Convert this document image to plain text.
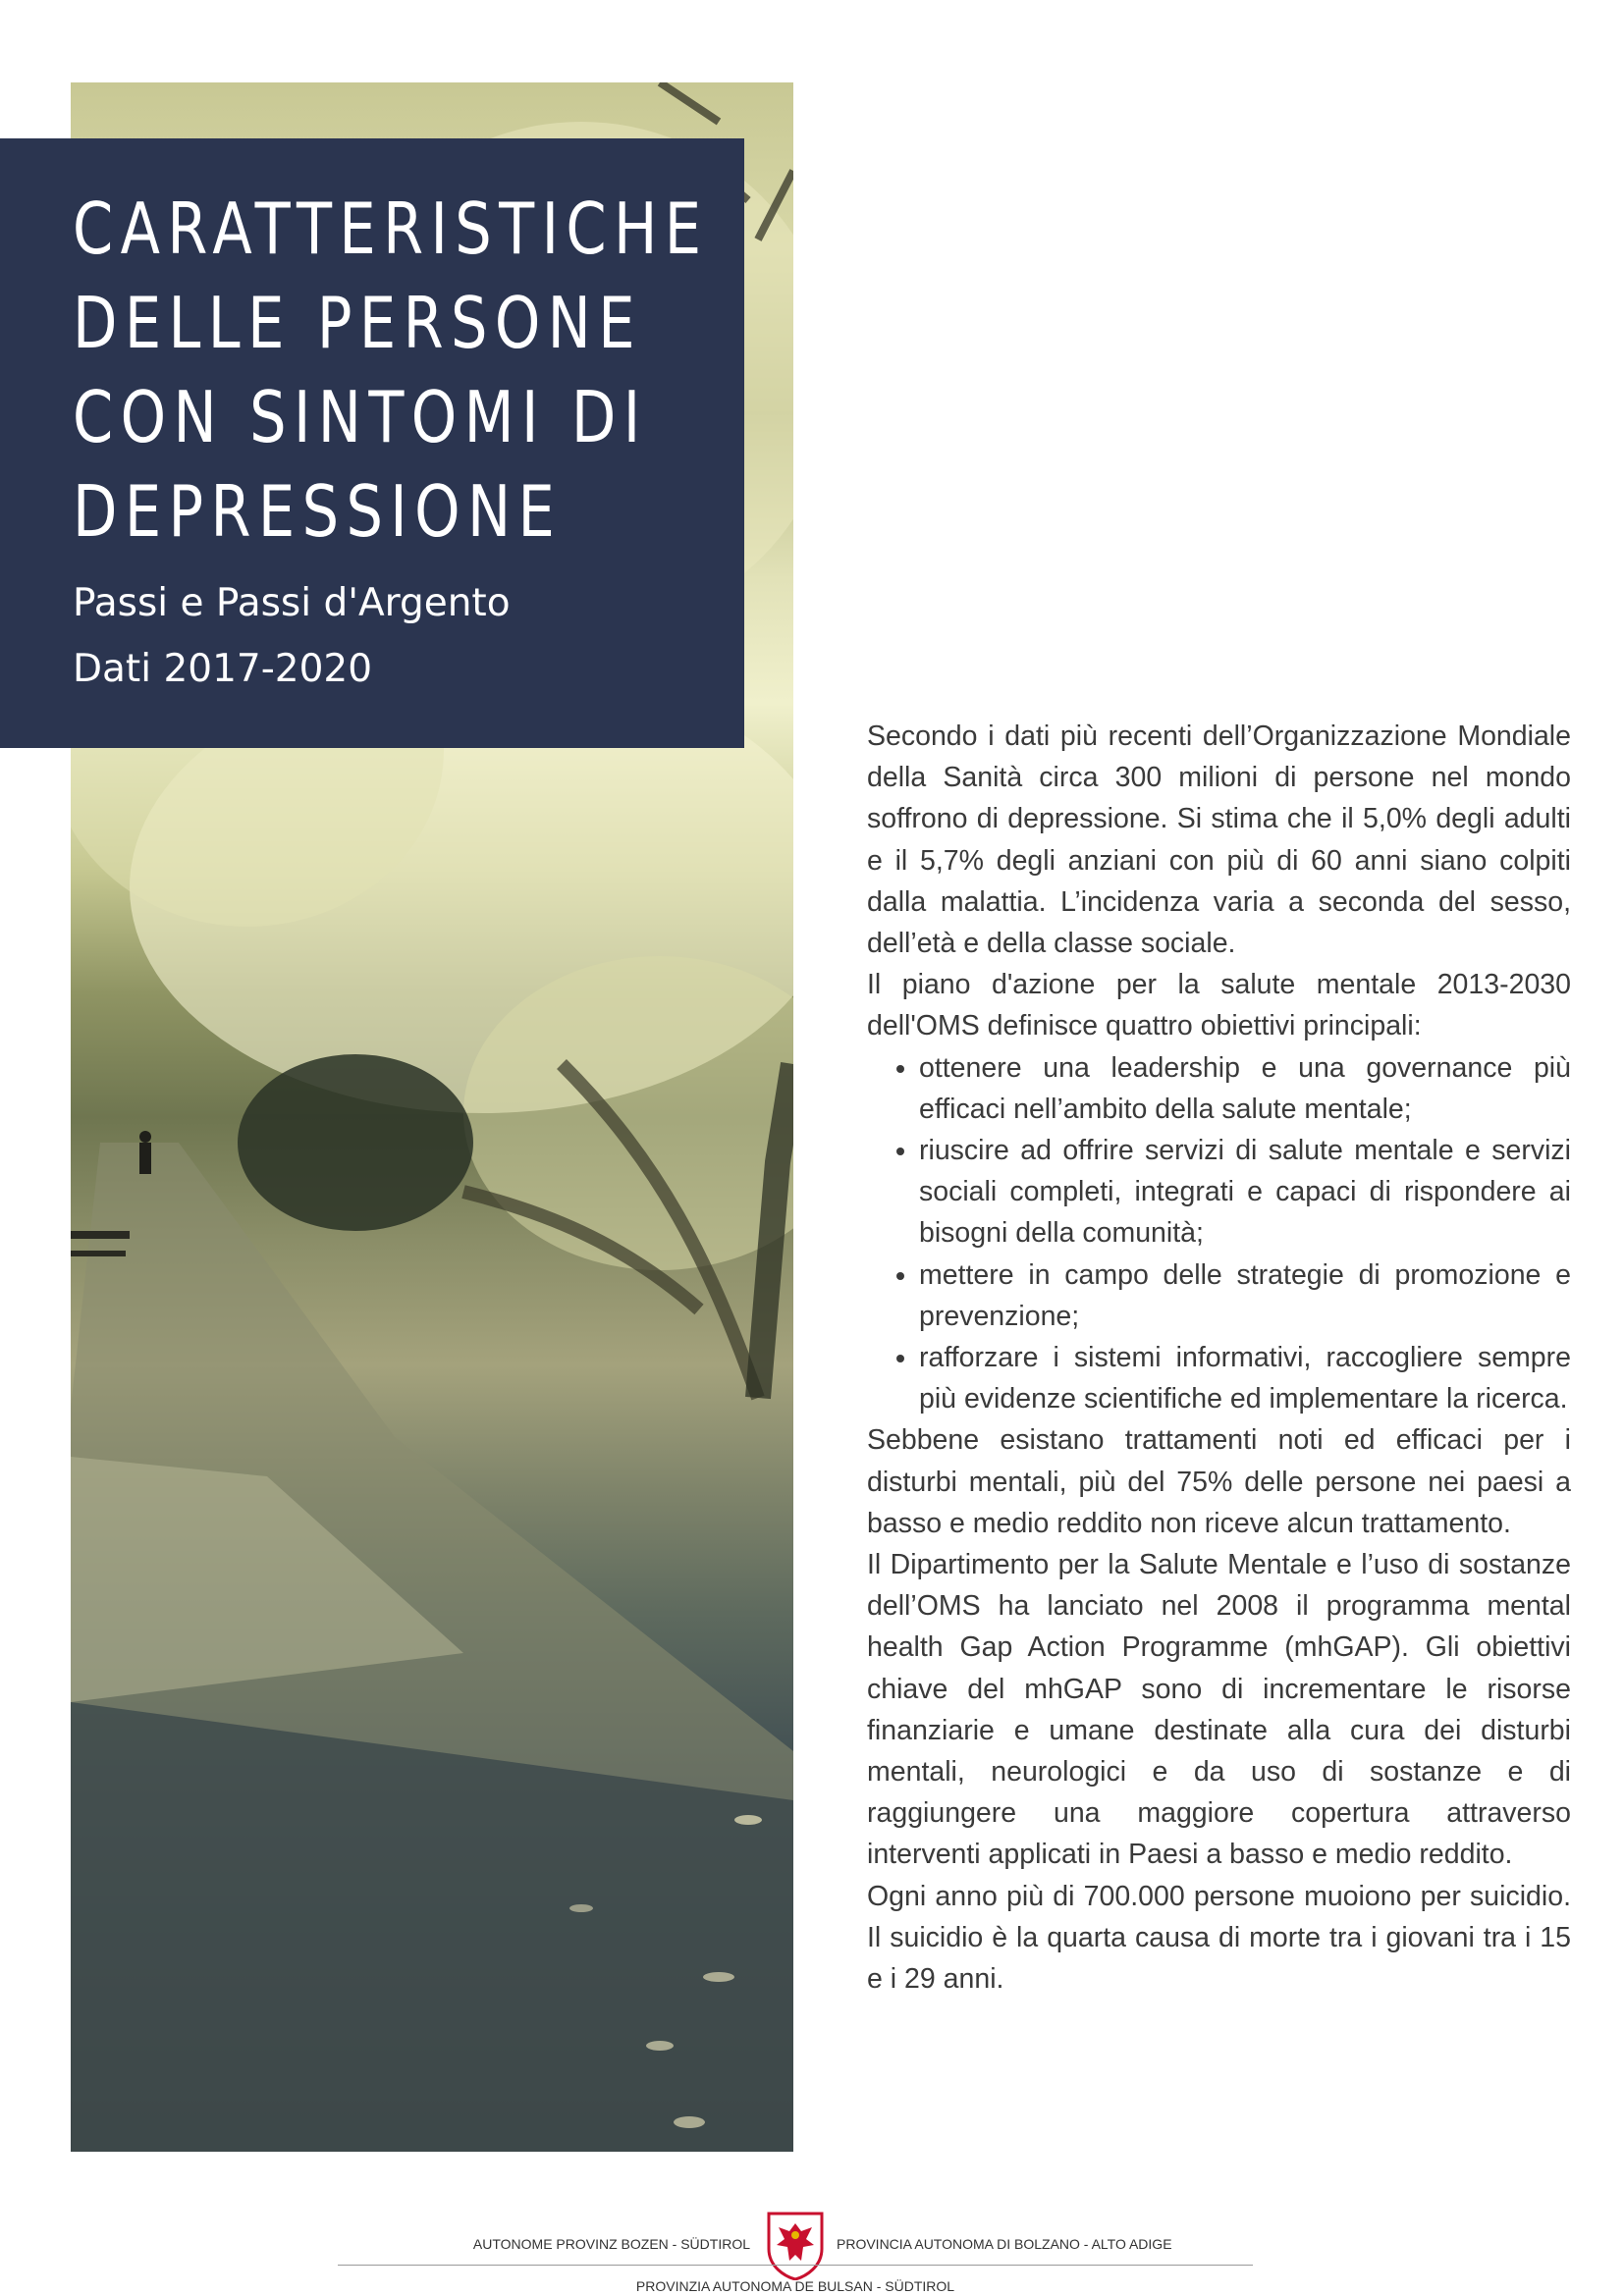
CARATTERISTICHE
DELLE PERSONE
CON SINTOMI DI
DEPRESSIONE
Passi e Passi d'Argento
Dati 2017-2020

Secondo i dati più recenti dell’Organizzazione Mondiale della Sanità circa 300 milioni di persone nel mondo soffrono di depressione. Si stima che il 5,0% degli adulti e il 5,7% degli anziani con più di 60 anni siano colpiti dalla malattia. L’incidenza varia a seconda del sesso, dell’età e della classe sociale.

Il piano d'azione per la salute mentale 2013-2030 dell'OMS definisce quattro obiettivi principali:

• ottenere una leadership e una governance più efficaci nell’ambito della salute mentale;
• riuscire ad offrire servizi di salute mentale e servizi sociali completi, integrati e capaci di rispondere ai bisogni della comunità;
• mettere in campo delle strategie di promozione e prevenzione;
• rafforzare i sistemi informativi, raccogliere sempre più evidenze scientifiche ed implementare la ricerca.

Sebbene esistano trattamenti noti ed efficaci per i disturbi mentali, più del 75% delle persone nei paesi a basso e medio reddito non riceve alcun trattamento.

Il Dipartimento per la Salute Mentale e l’uso di sostanze dell’OMS ha lanciato nel 2008 il programma mental health Gap Action Programme (mhGAP). Gli obiettivi chiave del mhGAP sono di incrementare le risorse finanziarie e umane destinate alla cura dei disturbi mentali, neurologici e da uso di sostanze e di raggiungere una maggiore copertura attraverso interventi applicati in Paesi a basso e medio reddito.

Ogni anno più di 700.000 persone muoiono per suicidio. Il suicidio è la quarta causa di morte tra i giovani tra i 15 e i 29 anni.

AUTONOME PROVINZ BOZEN - SÜDTIROL	PROVINCIA AUTONOMA DI BOLZANO - ALTO ADIGE
PROVINZIA AUTONOMA DE BULSAN - SÜDTIROL
